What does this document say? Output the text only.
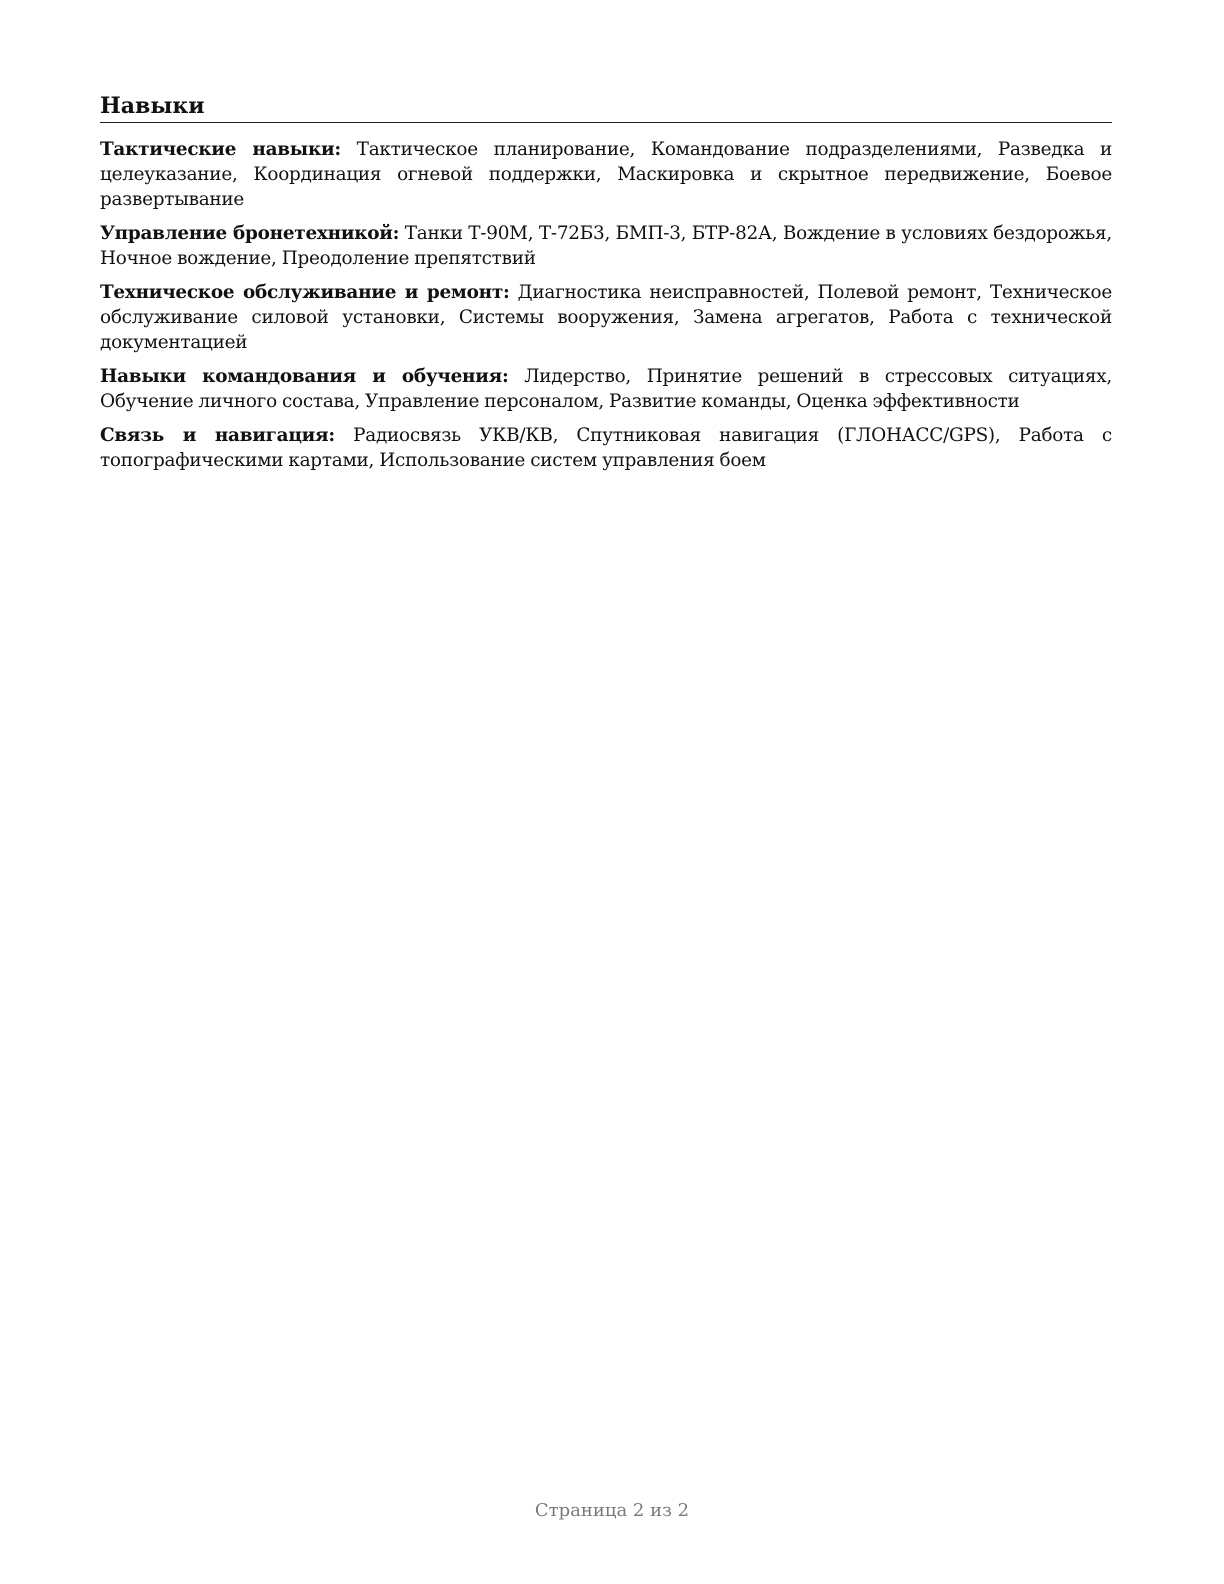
Навыки

Тактические навыки: Тактическое планирование, Командование подразделениями, Разведка и целеуказание, Координация огневой поддержки, Маскировка и скрытное передвижение, Боевое развертывание

Управление бронетехникой: Танки Т-90М, Т-72Б3, БМП-3, БТР-82А, Вождение в условиях бездорожья, Ночное вождение, Преодоление препятствий

Техническое обслуживание и ремонт: Диагностика неисправностей, Полевой ремонт, Техническое обслуживание силовой установки, Системы вооружения, Замена агрегатов, Работа с технической документацией

Навыки командования и обучения: Лидерство, Принятие решений в стрессовых ситуациях, Обучение личного состава, Управление персоналом, Развитие команды, Оценка эффективности

Связь и навигация: Радиосвязь УКВ/КВ, Спутниковая навигация (ГЛОНАСС/GPS), Работа с топографическими картами, Использование систем управления боем

Страница 2 из 2
